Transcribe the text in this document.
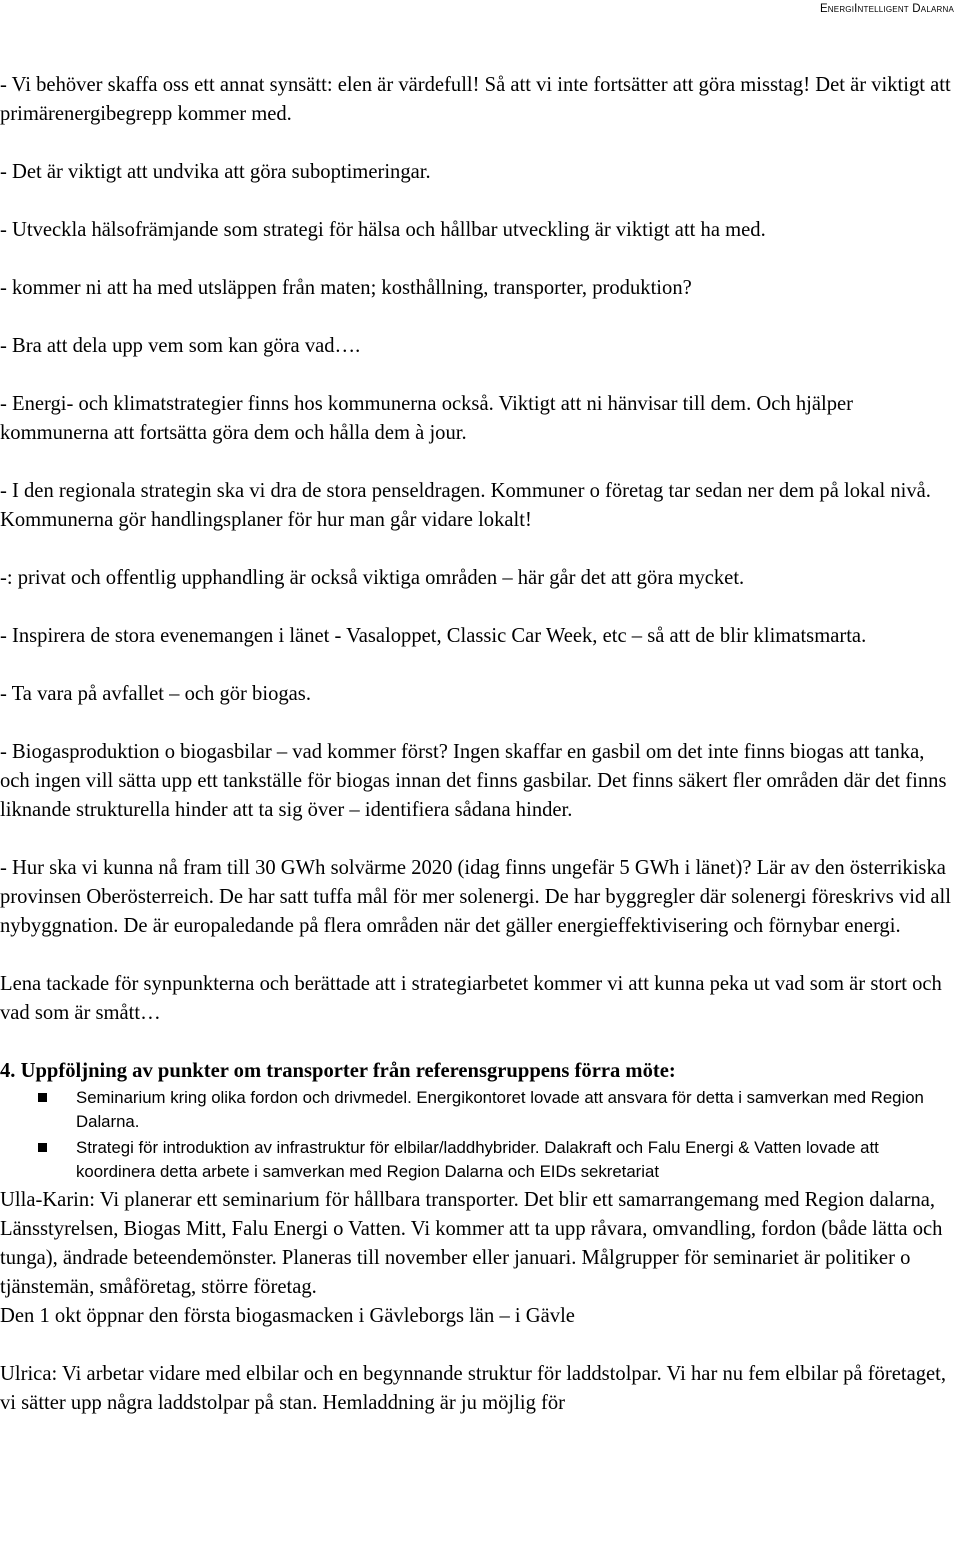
EnergiIntelligent Dalarna

- Vi behöver skaffa oss ett annat synsätt: elen är värdefull! Så att vi inte fortsätter att göra misstag! Det är viktigt att primärenergibegrepp kommer med.

- Det är viktigt att undvika att göra suboptimeringar.

- Utveckla hälsofrämjande som strategi för hälsa och hållbar utveckling är viktigt att ha med.

- kommer ni att ha med utsläppen från maten; kosthållning, transporter, produktion?

- Bra att dela upp vem som kan göra vad….

- Energi- och klimatstrategier finns hos kommunerna också. Viktigt att ni hänvisar till dem. Och hjälper kommunerna att fortsätta göra dem och hålla dem à jour.

- I den regionala strategin ska vi dra de stora penseldragen. Kommuner o företag tar sedan ner dem på lokal nivå. Kommunerna gör handlingsplaner för hur man går vidare lokalt!

-: privat och offentlig upphandling är också viktiga områden – här går det att göra mycket.

- Inspirera de stora evenemangen i länet - Vasaloppet, Classic Car Week, etc – så att de blir klimatsmarta.

- Ta vara på avfallet – och gör biogas.

- Biogasproduktion o biogasbilar – vad kommer först? Ingen skaffar en gasbil om det inte finns biogas att tanka, och ingen vill sätta upp ett tankställe för biogas innan det finns gasbilar. Det finns säkert fler områden där det finns liknande strukturella hinder att ta sig över – identifiera sådana hinder.

- Hur ska vi kunna nå fram till 30 GWh solvärme 2020 (idag finns ungefär 5 GWh i länet)? Lär av den österrikiska provinsen Oberösterreich. De har satt tuffa mål för mer solenergi. De har byggregler där solenergi föreskrivs vid all nybyggnation. De är europaledande på flera områden när det gäller energieffektivisering och förnybar energi.

Lena tackade för synpunkterna och berättade att i strategiarbetet kommer vi att kunna peka ut vad som är stort och vad som är smått…

4. Uppföljning av punkter om transporter från referensgruppens förra möte:
Seminarium kring olika fordon och drivmedel. Energikontoret lovade att ansvara för detta i samverkan med Region Dalarna.
Strategi för introduktion av infrastruktur för elbilar/laddhybrider. Dalakraft och Falu Energi & Vatten lovade att koordinera detta arbete i samverkan med Region Dalarna och EIDs sekretariat

Ulla-Karin: Vi planerar ett seminarium för hållbara transporter. Det blir ett samarrangemang med Region dalarna, Länsstyrelsen, Biogas Mitt, Falu Energi o Vatten. Vi kommer att ta upp råvara, omvandling, fordon (både lätta och tunga), ändrade beteendemönster. Planeras till november eller januari. Målgrupper för seminariet är politiker o tjänstemän, småföretag, större företag.

Den 1 okt öppnar den första biogasmacken i Gävleborgs län – i Gävle

Ulrica: Vi arbetar vidare med elbilar och en begynnande struktur för laddstolpar. Vi har nu fem elbilar på företaget, vi sätter upp några laddstolpar på stan. Hemladdning är ju möjlig för
